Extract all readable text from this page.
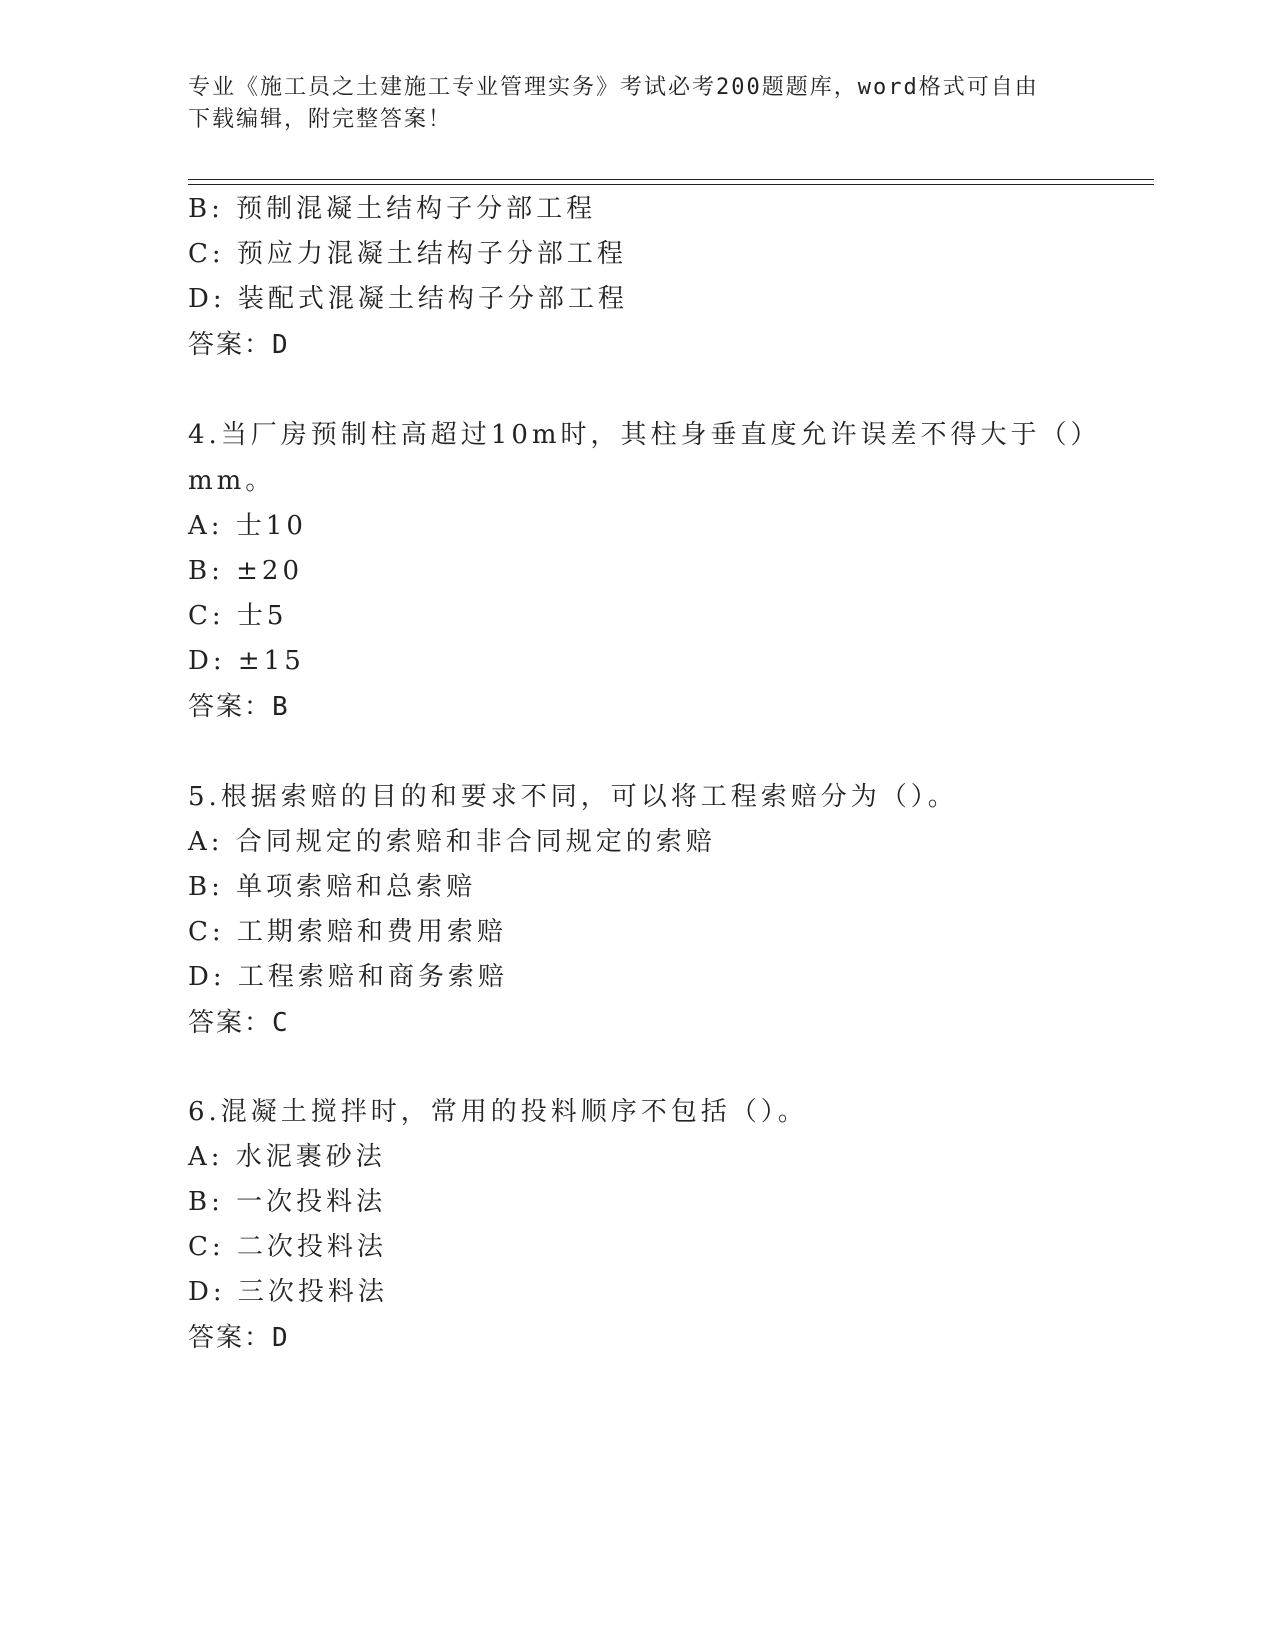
专业《施工员之土建施工专业管理实务》考试必考200题题库，word格式可自由
下载编辑，附完整答案！
B: 预制混凝土结构子分部工程
C: 预应力混凝土结构子分部工程
D: 装配式混凝土结构子分部工程
答案：D
4.当厂房预制柱高超过10m时，其柱身垂直度允许误差不得大于（）
mm。
A: 士10
B: ±20
C: 士5
D: ±15
答案：B
5.根据索赔的目的和要求不同，可以将工程索赔分为（）。
A: 合同规定的索赔和非合同规定的索赔
B: 单项索赔和总索赔
C: 工期索赔和费用索赔
D: 工程索赔和商务索赔
答案：C
6.混凝土搅拌时，常用的投料顺序不包括（）。
A: 水泥裹砂法
B: 一次投料法
C: 二次投料法
D: 三次投料法
答案：D
